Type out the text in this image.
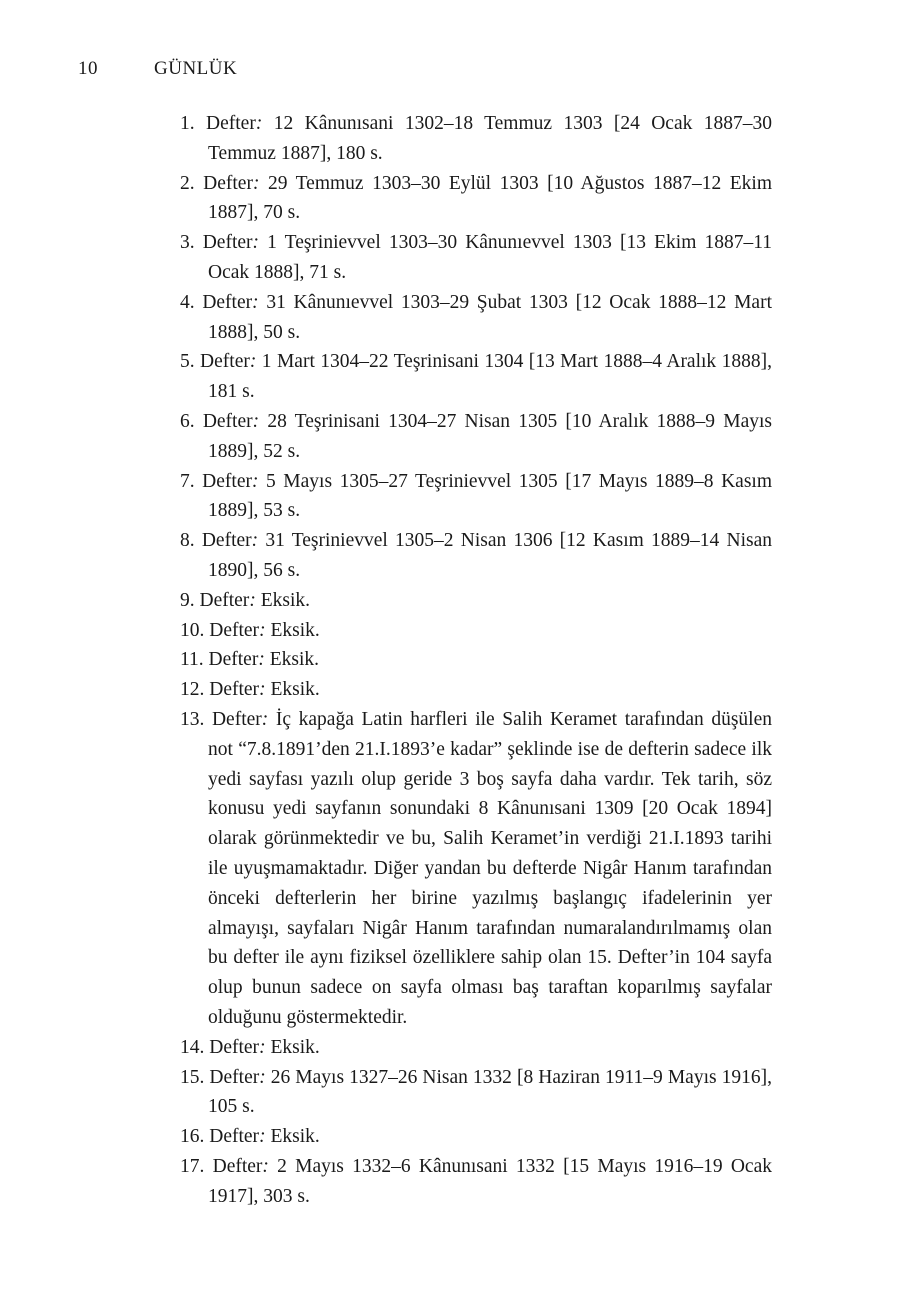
10	GÜNLÜK
1. Defter: 12 Kânunısani 1302–18 Temmuz 1303 [24 Ocak 1887–30 Temmuz 1887], 180 s.
2. Defter: 29 Temmuz 1303–30 Eylül 1303 [10 Ağustos 1887–12 Ekim 1887], 70 s.
3. Defter: 1 Teşrinievvel 1303–30 Kânunıevvel 1303 [13 Ekim 1887–11 Ocak 1888], 71 s.
4. Defter: 31 Kânunıevvel 1303–29 Şubat 1303 [12 Ocak 1888–12 Mart 1888], 50 s.
5. Defter: 1 Mart 1304–22 Teşrinisani 1304 [13 Mart 1888–4 Aralık 1888], 181 s.
6. Defter: 28 Teşrinisani 1304–27 Nisan 1305 [10 Aralık 1888–9 Mayıs 1889], 52 s.
7. Defter: 5 Mayıs 1305–27 Teşrinievvel 1305 [17 Mayıs 1889–8 Kasım 1889], 53 s.
8. Defter: 31 Teşrinievvel 1305–2 Nisan 1306 [12 Kasım 1889–14 Nisan 1890], 56 s.
9. Defter: Eksik.
10. Defter: Eksik.
11. Defter: Eksik.
12. Defter: Eksik.
13. Defter: İç kapağa Latin harfleri ile Salih Keramet tarafından düşülen not “7.8.1891’den 21.I.1893’e kadar” şeklinde ise de defterin sadece ilk yedi sayfası yazılı olup geride 3 boş sayfa daha vardır. Tek tarih, söz konusu yedi sayfanın sonundaki 8 Kânunısani 1309 [20 Ocak 1894] olarak görünmektedir ve bu, Salih Keramet’in verdiği 21.I.1893 tarihi ile uyuşmamaktadır. Diğer yandan bu defterde Nigâr Hanım tarafından önceki defterlerin her birine yazılmış başlangıç ifadelerinin yer almayışı, sayfaları Nigâr Hanım tarafından numaralandırılmamış olan bu defter ile aynı fiziksel özelliklere sahip olan 15. Defter’in 104 sayfa olup bunun sadece on sayfa olması baş taraftan koparılmış sayfalar olduğunu göstermektedir.
14. Defter: Eksik.
15. Defter: 26 Mayıs 1327–26 Nisan 1332 [8 Haziran 1911–9 Mayıs 1916], 105 s.
16. Defter: Eksik.
17. Defter: 2 Mayıs 1332–6 Kânunısani 1332 [15 Mayıs 1916–19 Ocak 1917], 303 s.
